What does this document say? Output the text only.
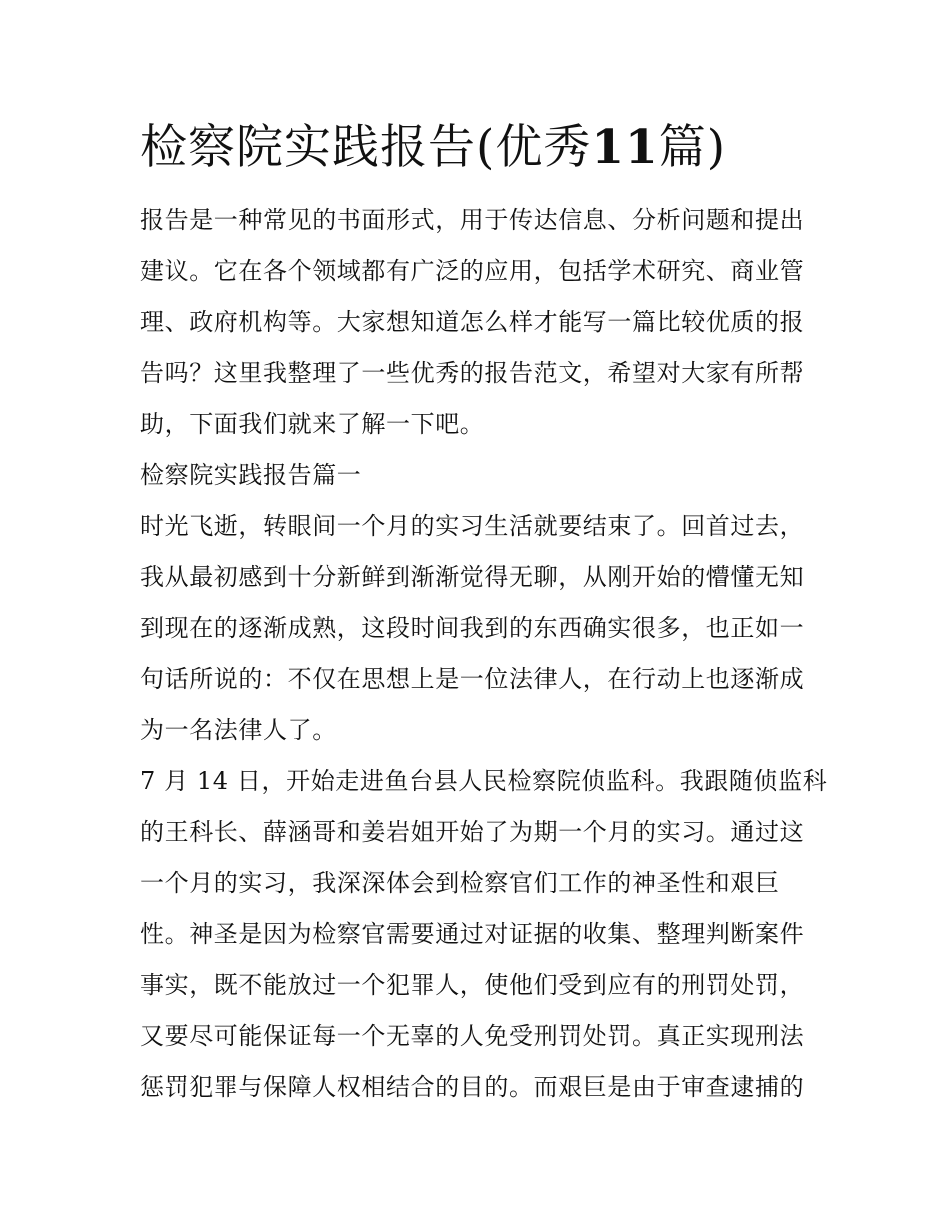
检察院实践报告(优秀11篇)

报告是一种常见的书面形式，用于传达信息、分析问题和提出

建议。它在各个领域都有广泛的应用，包括学术研究、商业管

理、政府机构等。大家想知道怎么样才能写一篇比较优质的报

告吗？这里我整理了一些优秀的报告范文，希望对大家有所帮

助，下面我们就来了解一下吧。

检察院实践报告篇一

时光飞逝，转眼间一个月的实习生活就要结束了。回首过去，

我从最初感到十分新鲜到渐渐觉得无聊，从刚开始的懵懂无知

到现在的逐渐成熟，这段时间我到的东西确实很多，也正如一

句话所说的：不仅在思想上是一位法律人，在行动上也逐渐成

为一名法律人了。

7 月 14 日，开始走进鱼台县人民检察院侦监科。我跟随侦监科

的王科长、薛涵哥和姜岩姐开始了为期一个月的实习。通过这

一个月的实习，我深深体会到检察官们工作的神圣性和艰巨

性。神圣是因为检察官需要通过对证据的收集、整理判断案件

事实，既不能放过一个犯罪人，使他们受到应有的刑罚处罚，

又要尽可能保证每一个无辜的人免受刑罚处罚。真正实现刑法

惩罚犯罪与保障人权相结合的目的。而艰巨是由于审查逮捕的
